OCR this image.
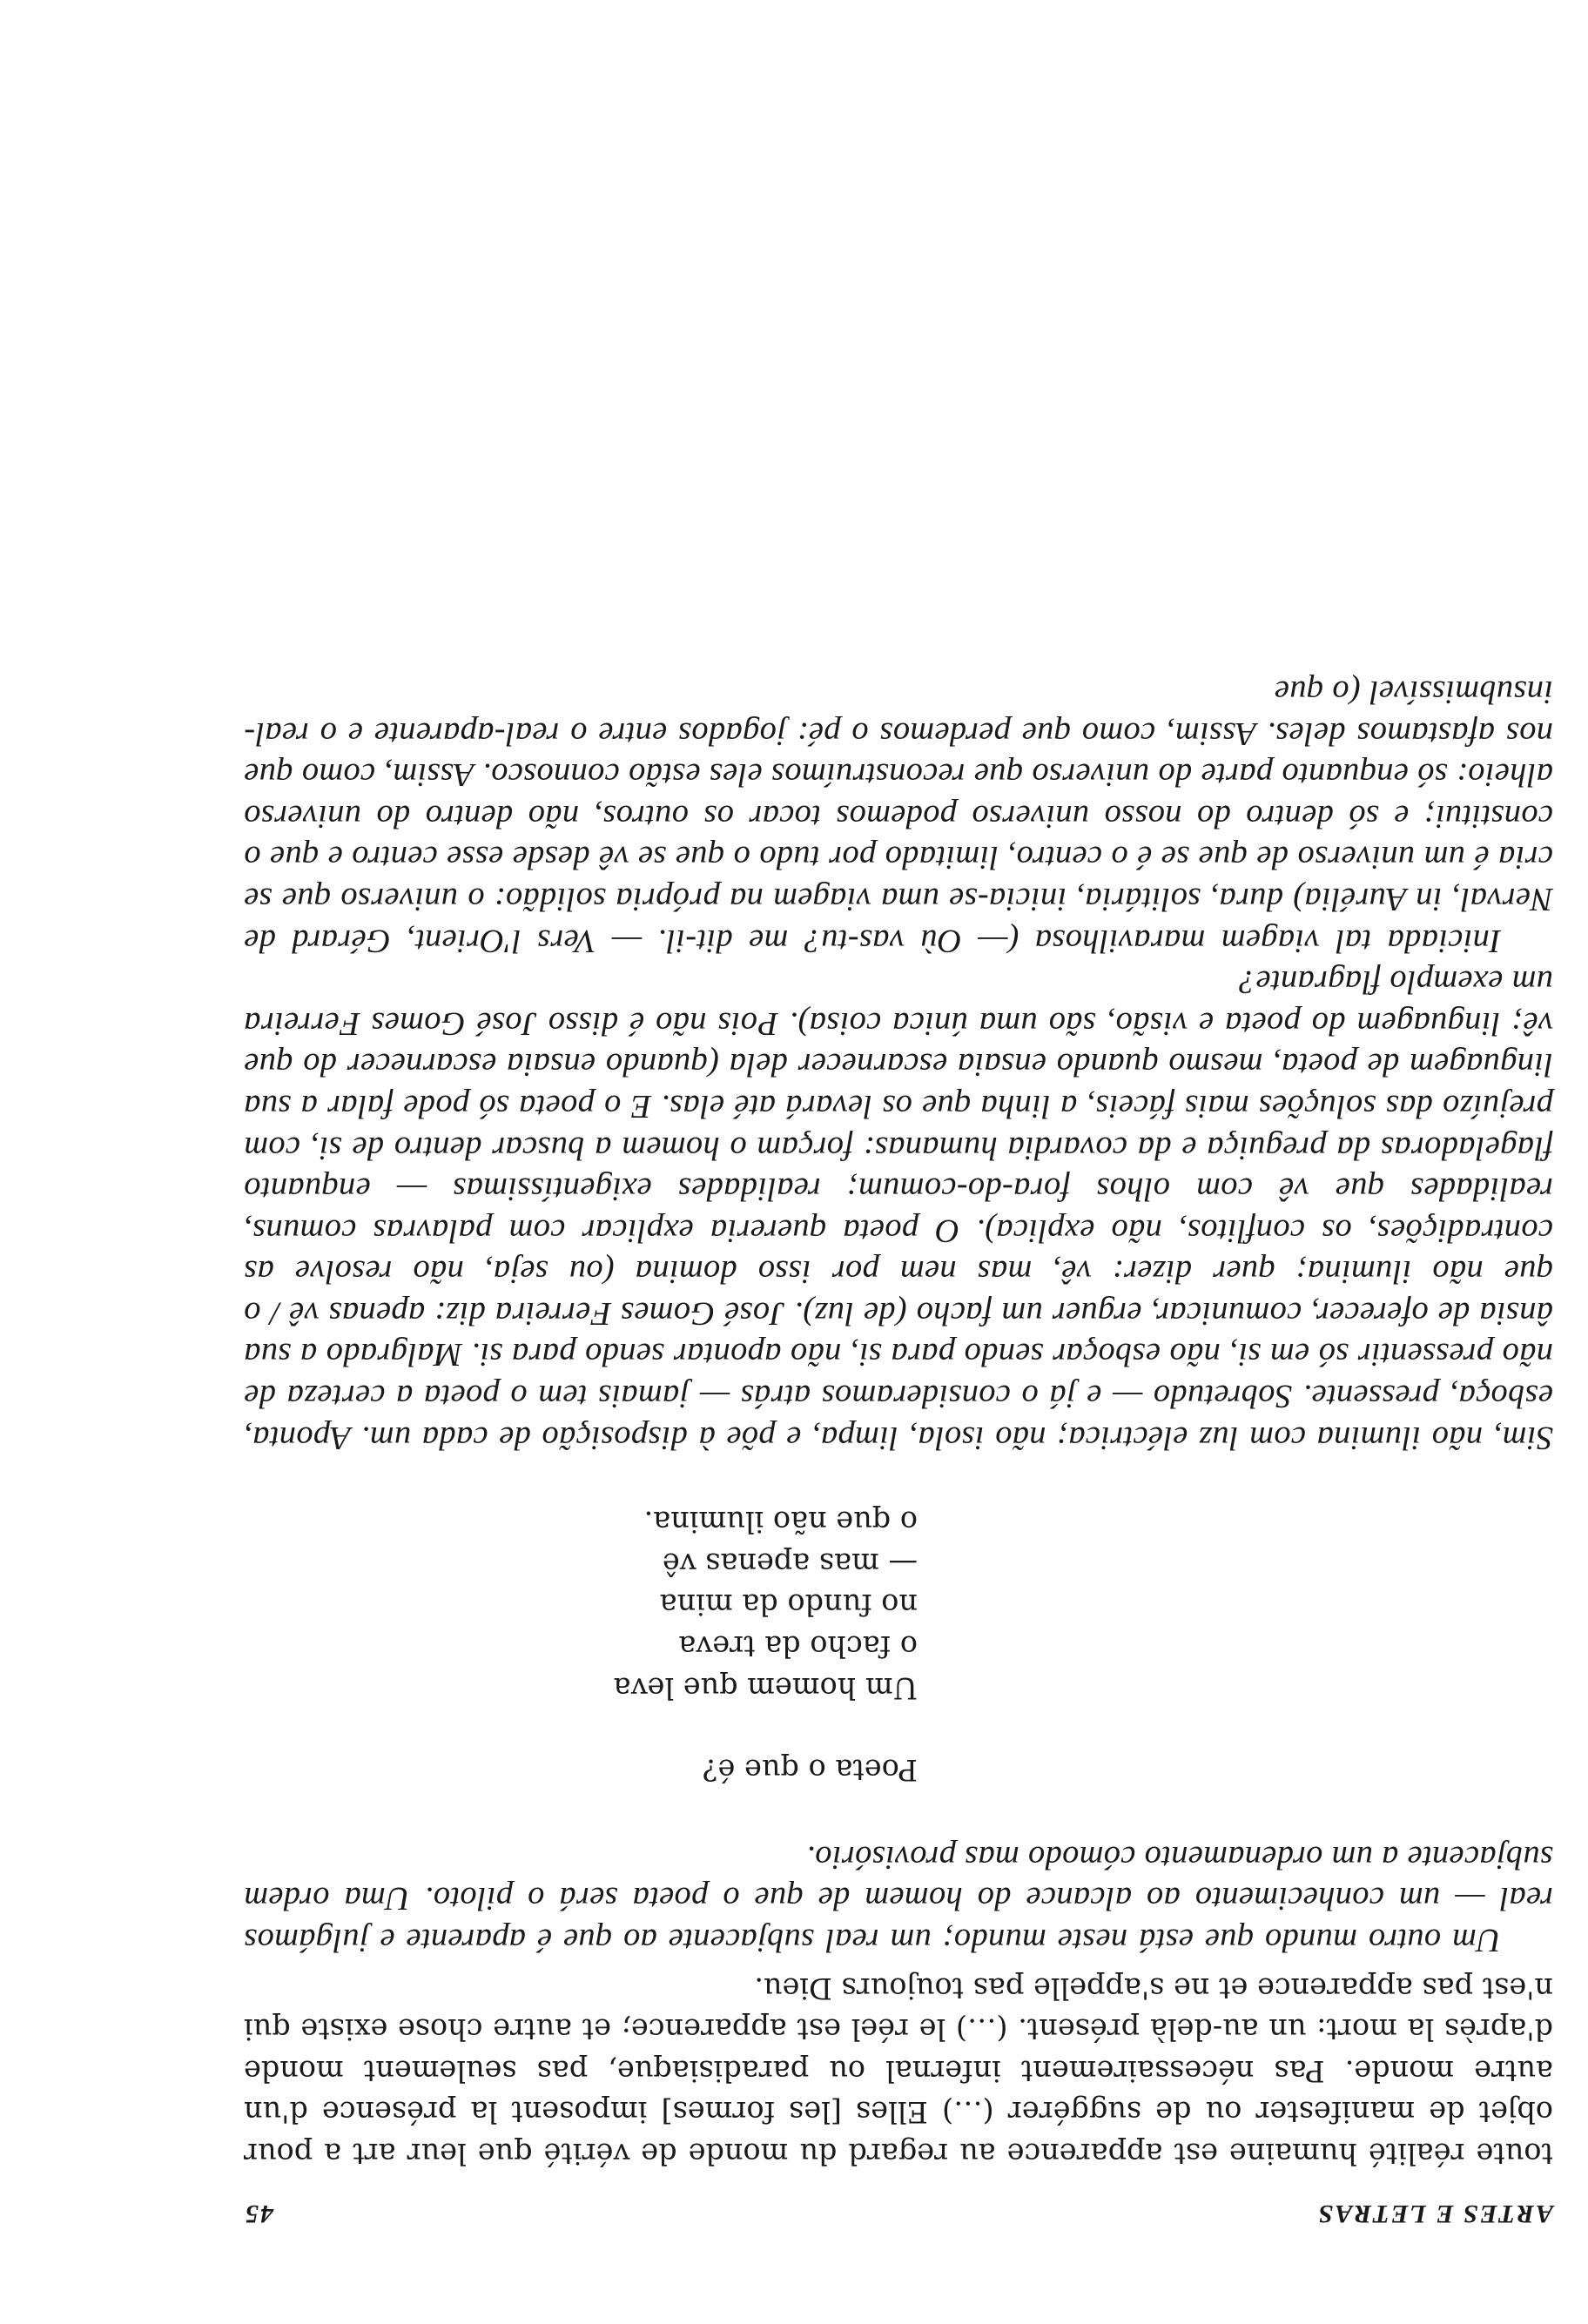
ARTES E LETRAS
45

toute réalité humaine est apparence au regard du monde de vérité que leur art a pour objet de manifester ou de suggérer (…) Elles [les formes] imposent la présence d'un autre monde. Pas nécessairement infernal ou paradisiaque, pas seulement monde d'après la mort: un au-delà présent. (…) le réel est apparence; et autre chose existe qui n'est pas apparence et ne s'appelle pas toujours Dieu.

Um outro mundo que está neste mundo; um real subjacente ao que é aparente e julgámos real — um conhecimento ao alcance do homem de que o poeta será o piloto. Uma ordem subjacente a um ordenamento cómodo mas provisório.

Poeta o que é?
Um homem que leva
o facho da treva
no fundo da mina
— mas apenas vê
o que não ilumina.

Sim, não ilumina com luz eléctrica; não isola, limpa, e põe à disposição de cada um. Aponta, esboça, pressente. Sobretudo — e já o consideramos atrás — jamais tem o poeta a certeza de não pressentir só em si, não esboçar sendo para si, não apontar sendo para si. Malgrado a sua ânsia de oferecer, comunicar, erguer um facho (de luz). José Gomes Ferreira diz: apenas vê / o que não ilumina; quer dizer: vê, mas nem por isso domina (ou seja, não resolve as contradições, os conflitos, não explica). O poeta quereria explicar com palavras comuns, realidades que vê com olhos fora-do-comum; realidades exigentíssimas — enquanto flageladoras da preguiça e da covardia humanas: forçam o homem a buscar dentro de si, com prejuízo das soluções mais fáceis, a linha que os levará até elas. E o poeta só pode falar a sua linguagem de poeta, mesmo quando ensaia escarnecer dela (quando ensaia escarnecer do que vê; linguagem do poeta e visão, são uma única coisa). Pois não é disso José Gomes Ferreira um exemplo flagrante?

Iniciada tal viagem maravilhosa (— Où vas-tu? me dit-il. — Vers l'Orient, Gérard de Nerval, in Aurélia) dura, solitária, inicia-se uma viagem na própria solidão: o universo que se cria é um universo de que se é o centro, limitado por tudo o que se vê desde esse centro e que o constitui; e só dentro do nosso universo podemos tocar os outros, não dentro do universo alheio: só enquanto parte do universo que reconstruímos eles estão connosco. Assim, como que nos afastamos deles. Assim, como que perdemos o pé: jogados entre o real-aparente e o real-insubmissível (o que
